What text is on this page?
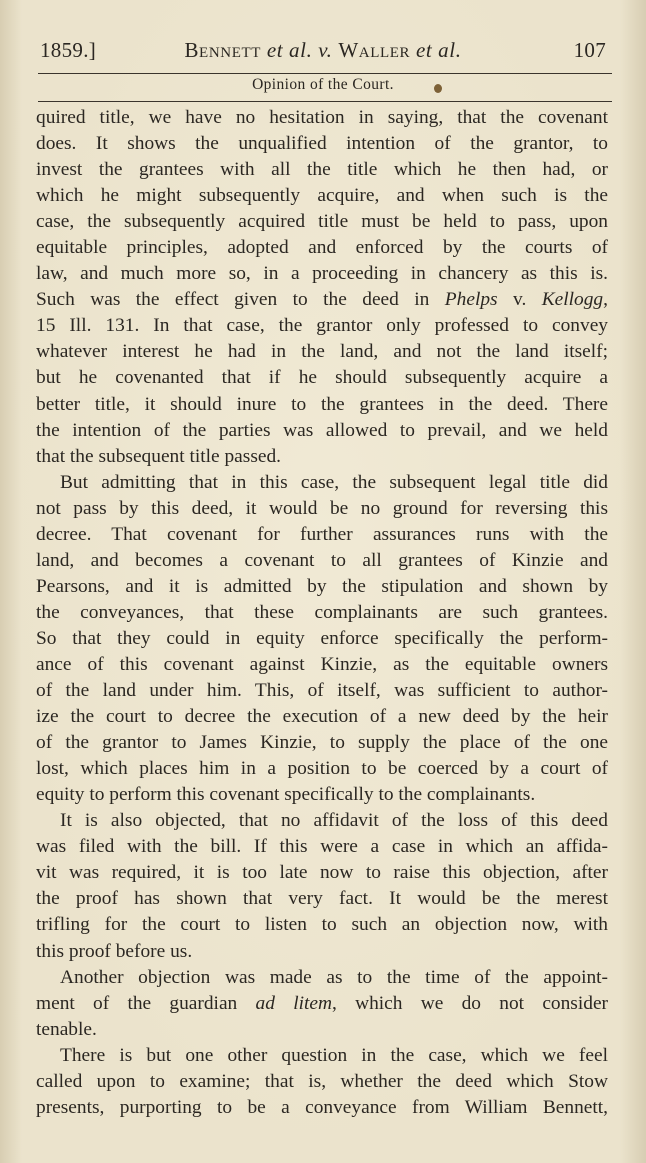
1859.]	Bennett et al. v. Waller et al.	107
Opinion of the Court.
quired title, we have no hesitation in saying, that the covenant
does. It shows the unqualified intention of the grantor, to
invest the grantees with all the title which he then had, or
which he might subsequently acquire, and when such is the
case, the subsequently acquired title must be held to pass, upon
equitable principles, adopted and enforced by the courts of
law, and much more so, in a proceeding in chancery as this is.
Such was the effect given to the deed in Phelps v. Kellogg,
15 Ill. 131. In that case, the grantor only professed to convey
whatever interest he had in the land, and not the land itself;
but he covenanted that if he should subsequently acquire a
better title, it should inure to the grantees in the deed. There
the intention of the parties was allowed to prevail, and we held
that the subsequent title passed.
But admitting that in this case, the subsequent legal title did
not pass by this deed, it would be no ground for reversing this
decree. That covenant for further assurances runs with the
land, and becomes a covenant to all grantees of Kinzie and
Pearsons, and it is admitted by the stipulation and shown by
the conveyances, that these complainants are such grantees.
So that they could in equity enforce specifically the perform-
ance of this covenant against Kinzie, as the equitable owners
of the land under him. This, of itself, was sufficient to author-
ize the court to decree the execution of a new deed by the heir
of the grantor to James Kinzie, to supply the place of the one
lost, which places him in a position to be coerced by a court of
equity to perform this covenant specifically to the complainants.
It is also objected, that no affidavit of the loss of this deed
was filed with the bill. If this were a case in which an affida-
vit was required, it is too late now to raise this objection, after
the proof has shown that very fact. It would be the merest
trifling for the court to listen to such an objection now, with
this proof before us.
Another objection was made as to the time of the appoint-
ment of the guardian ad litem, which we do not consider
tenable.
There is but one other question in the case, which we feel
called upon to examine; that is, whether the deed which Stow
presents, purporting to be a conveyance from William Bennett,
